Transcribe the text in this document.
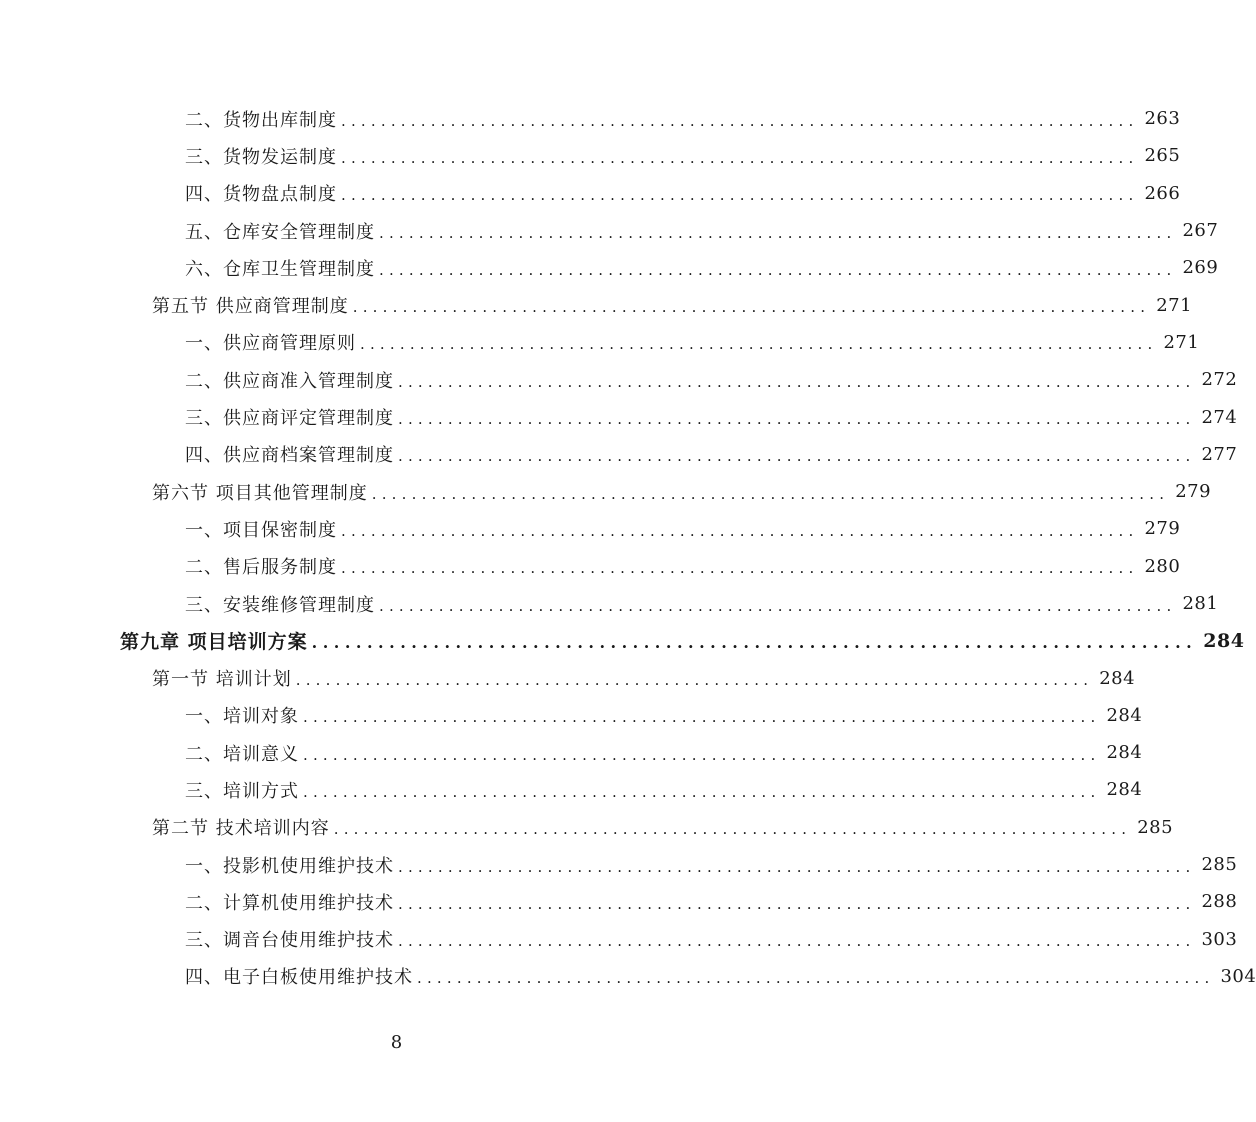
二、货物出库制度 ................................................................................ 263
三、货物发运制度 ................................................................................ 265
四、货物盘点制度 ................................................................................ 266
五、仓库安全管理制度 ................................................................................ 267
六、仓库卫生管理制度 ................................................................................ 269
第五节 供应商管理制度 ................................................................................ 271
一、供应商管理原则 ................................................................................ 271
二、供应商准入管理制度 ................................................................................ 272
三、供应商评定管理制度 ................................................................................ 274
四、供应商档案管理制度 ................................................................................ 277
第六节 项目其他管理制度 ................................................................................ 279
一、项目保密制度 ................................................................................ 279
二、售后服务制度 ................................................................................ 280
三、安装维修管理制度 ................................................................................ 281
第九章 项目培训方案 ................................................................................ 284
第一节 培训计划 ................................................................................ 284
一、培训对象 ................................................................................ 284
二、培训意义 ................................................................................ 284
三、培训方式 ................................................................................ 284
第二节 技术培训内容 ................................................................................ 285
一、投影机使用维护技术 ................................................................................ 285
二、计算机使用维护技术 ................................................................................ 288
三、调音台使用维护技术 ................................................................................ 303
四、电子白板使用维护技术 ................................................................................ 304
8
